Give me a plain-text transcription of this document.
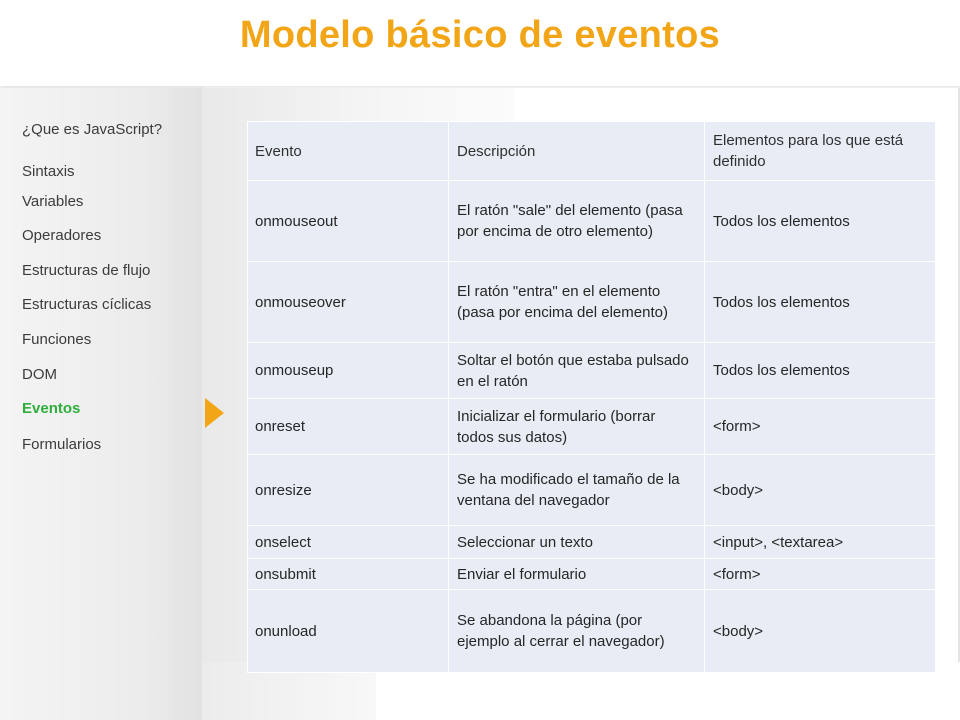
Modelo básico de eventos
¿Que es JavaScript?
Sintaxis
Variables
Operadores
Estructuras de flujo
Estructuras cíclicas
Funciones
DOM
Eventos
Formularios
Evento	Descripción	Elementos para los que está definido
onmouseout	El ratón "sale" del elemento (pasa por encima de otro elemento)	Todos los elementos
onmouseover	El ratón "entra" en el elemento (pasa por encima del elemento)	Todos los elementos
onmouseup	Soltar el botón que estaba pulsado en el ratón	Todos los elementos
onreset	Inicializar el formulario (borrar todos sus datos)	<form>
onresize	Se ha modificado el tamaño de la ventana del navegador	<body>
onselect	Seleccionar un texto	<input>, <textarea>
onsubmit	Enviar el formulario	<form>
onunload	Se abandona la página (por ejemplo al cerrar el navegador)	<body>
